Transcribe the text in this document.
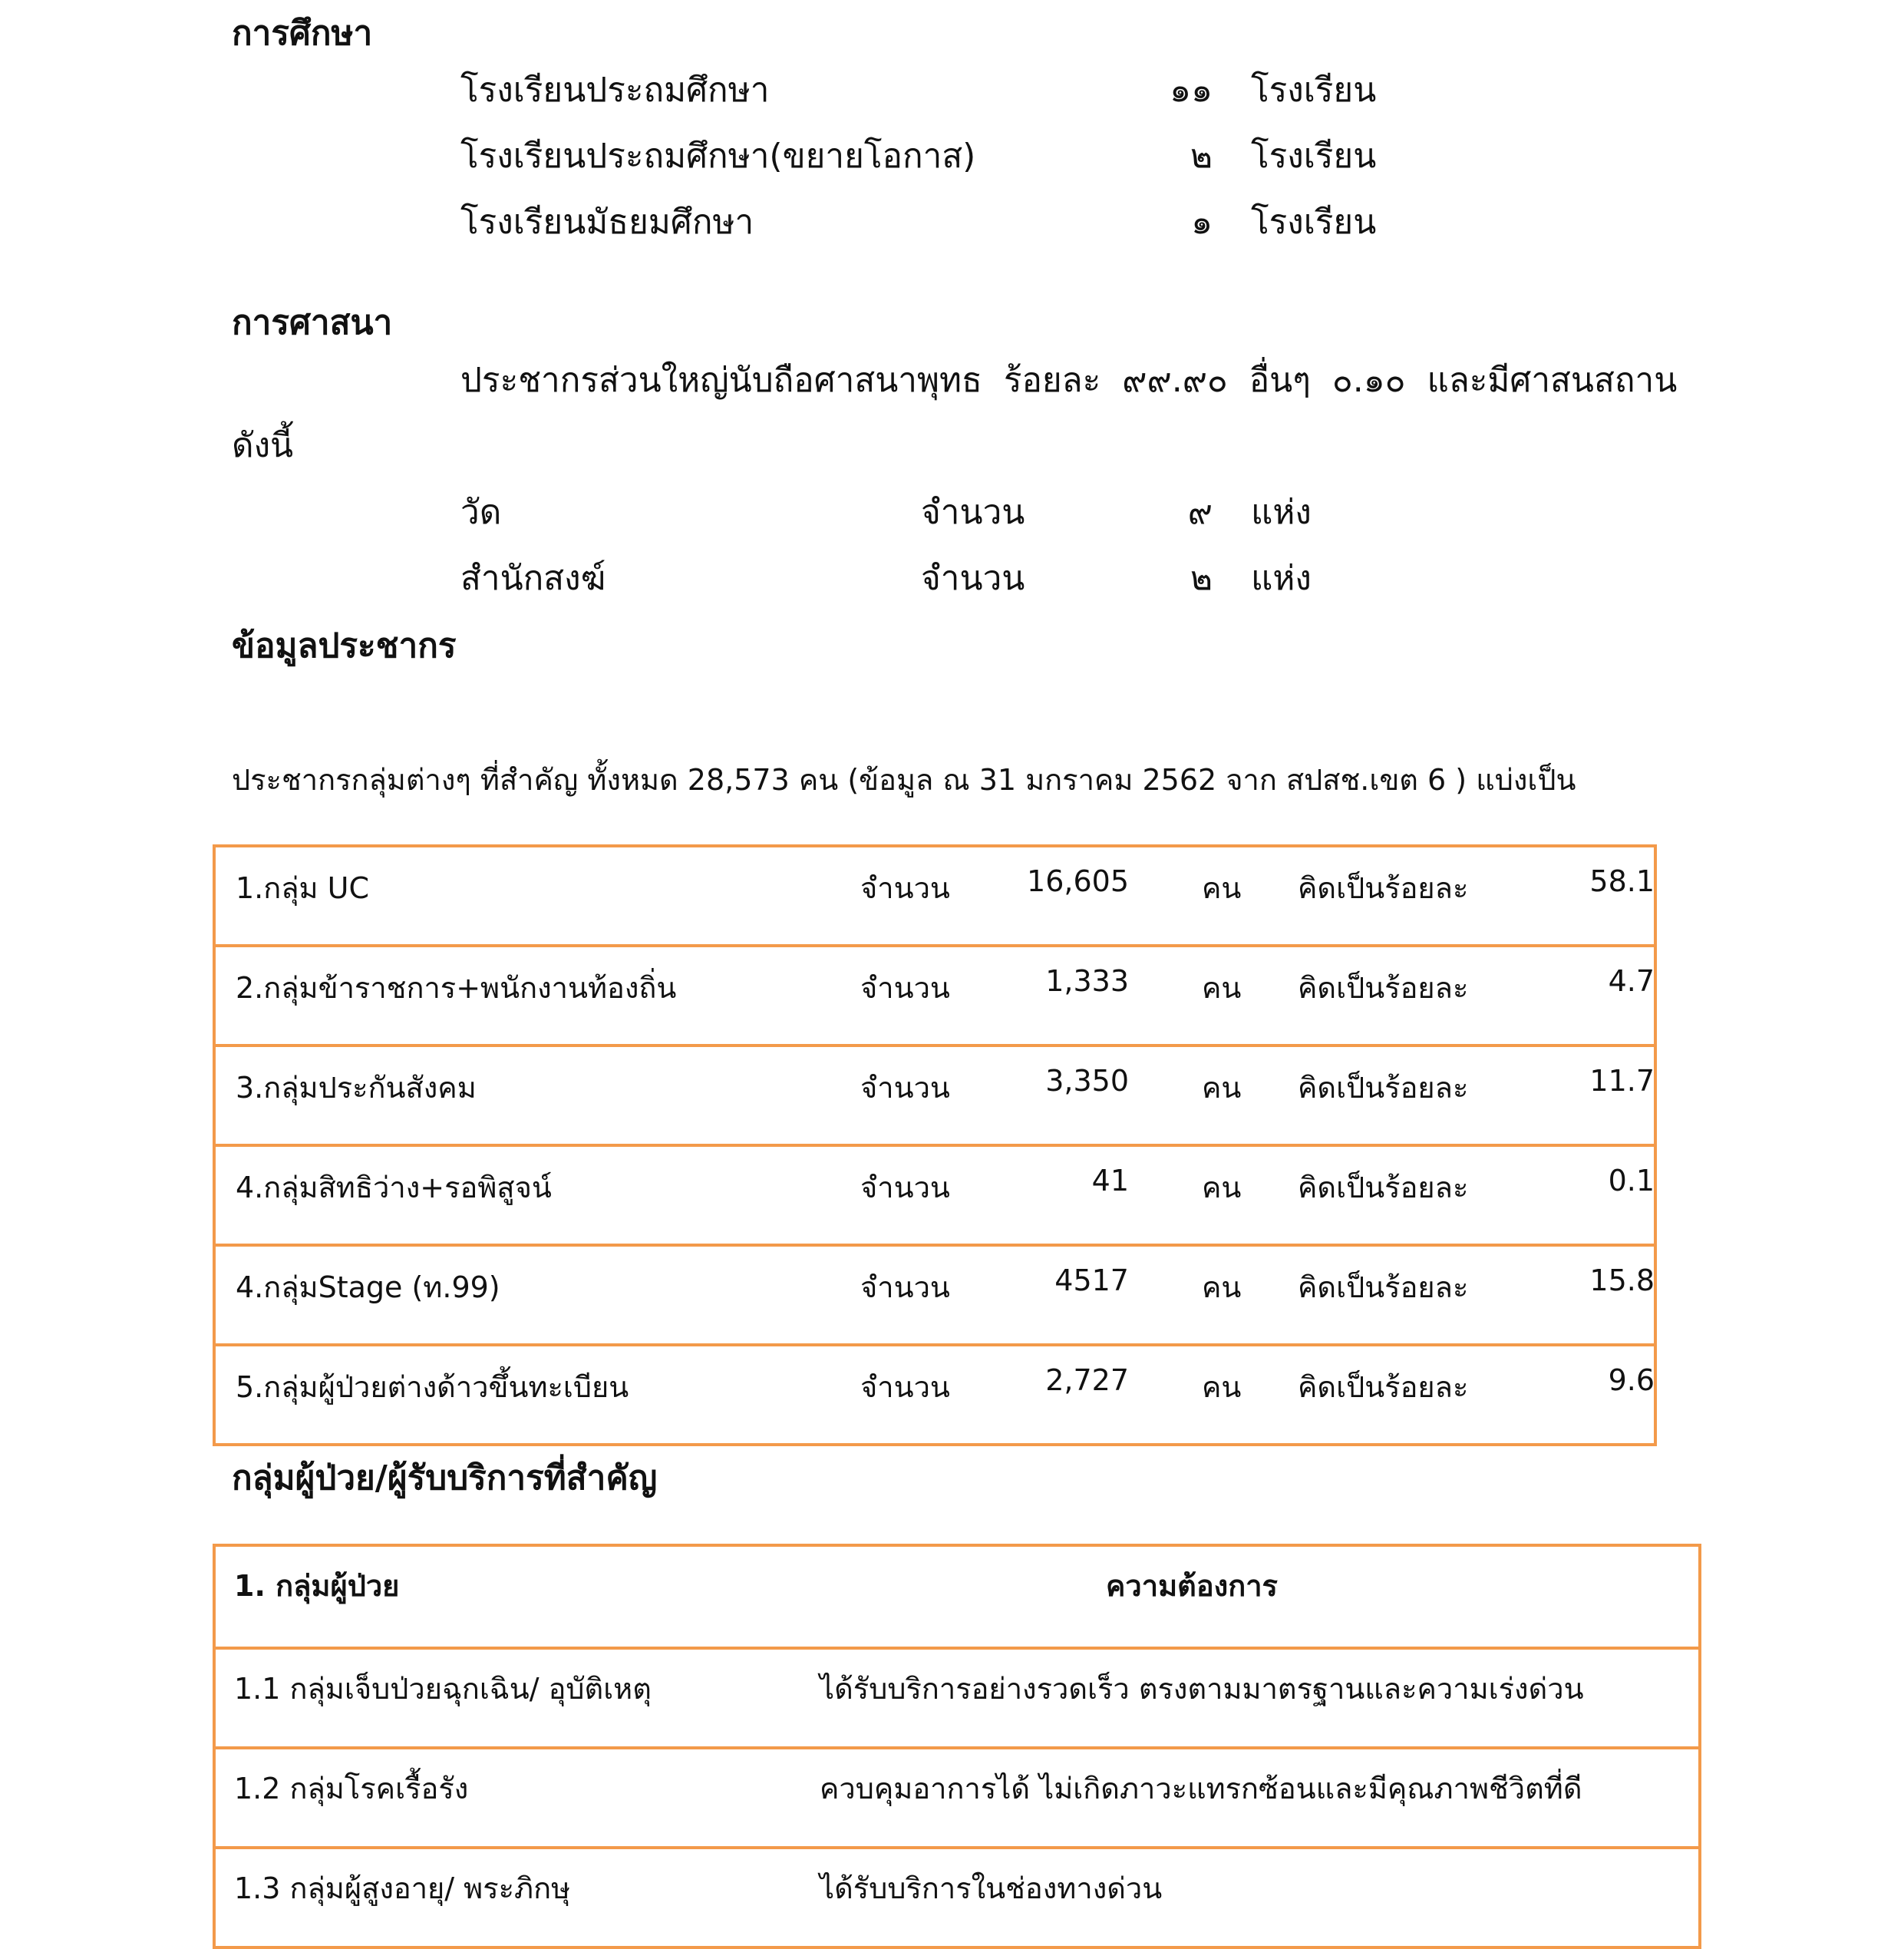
การศึกษา
โรงเรียนประถมศึกษา	๑๑ โรงเรียน
โรงเรียนประถมศึกษา(ขยายโอกาส)	๒ โรงเรียน
โรงเรียนมัธยมศึกษา	๑ โรงเรียน
การศาสนา
ประชากรส่วนใหญ่นับถือศาสนาพุทธ  ร้อยละ  ๙๙.๙๐  อื่นๆ  ๐.๑๐  และมีศาสนสถาน
ดังนี้
วัด	จำนวน	๙ แห่ง
สำนักสงฆ์	จำนวน	๒ แห่ง
ข้อมูลประชากร
ประชากรกลุ่มต่างๆ ที่สำคัญ ทั้งหมด 28,573 คน (ข้อมูล ณ 31 มกราคม 2562 จาก สปสช.เขต 6 ) แบ่งเป็น
1.กลุ่ม UC	จำนวน	16,605	คน คิดเป็นร้อยละ	58.1

2.กลุ่มข้าราชการ+พนักงานท้องถิ่น	จำนวน	1,333	คน คิดเป็นร้อยละ	4.7

3.กลุ่มประกันสังคม	จำนวน	3,350	คน คิดเป็นร้อยละ	11.7

4.กลุ่มสิทธิว่าง+รอพิสูจน์	จำนวน	41	คน คิดเป็นร้อยละ	0.1

4.กลุ่มStage (ท.99)	จำนวน	4517	คน คิดเป็นร้อยละ	15.8

5.กลุ่มผู้ป่วยต่างด้าวขึ้นทะเบียน	จำนวน	2,727	คน คิดเป็นร้อยละ	9.6
กลุ่มผู้ป่วย/ผู้รับบริการที่สำคัญ
1. กลุ่มผู้ป่วย	ความต้องการ

1.1 กลุ่มเจ็บป่วยฉุกเฉิน/ อุบัติเหตุ	ได้รับบริการอย่างรวดเร็ว ตรงตามมาตรฐานและความเร่งด่วน

1.2 กลุ่มโรคเรื้อรัง	ควบคุมอาการได้ ไม่เกิดภาวะแทรกซ้อนและมีคุณภาพชีวิตที่ดี

1.3 กลุ่มผู้สูงอายุ/ พระภิกษุ	ได้รับบริการในช่องทางด่วน
